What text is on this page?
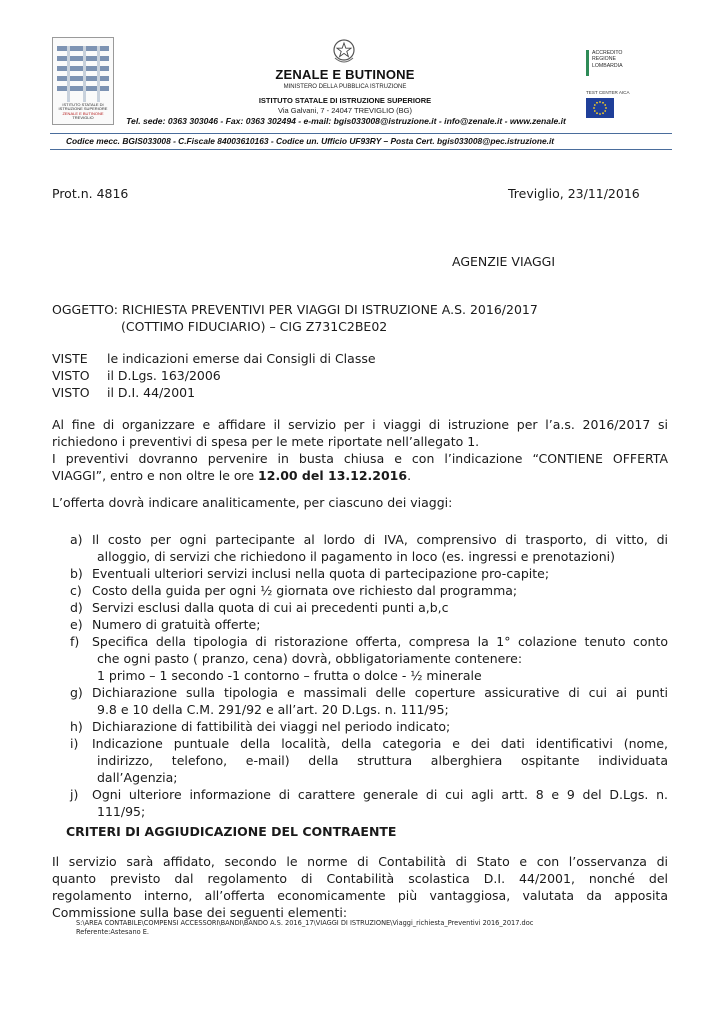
ISTITUTO STATALE DI
ISTRUZIONE SUPERIORE
ZENALE E BUTINONE
TREVIGLIO
ZENALE E BUTINONE
MINISTERO DELLA PUBBLICA ISTRUZIONE
ISTITUTO STATALE DI ISTRUZIONE SUPERIORE
Via Galvani, 7 - 24047 TREVIGLIO (BG)
Tel. sede: 0363 303046 - Fax: 0363 302494 - e-mail: bgis033008@istruzione.it - info@zenale.it - www.zenale.it
ACCREDITO
REGIONE
LOMBARDIA
TEST CENTER AICA
Codice mecc. BGIS033008 - C.Fiscale 84003610163 - Codice un. Ufficio UF93RY – Posta Cert. bgis033008@pec.istruzione.it
Prot.n. 4816	Treviglio, 23/11/2016
AGENZIE VIAGGI
OGGETTO: RICHIESTA PREVENTIVI PER VIAGGI DI ISTRUZIONE A.S. 2016/2017
(COTTIMO FIDUCIARIO) – CIG Z731C2BE02
VISTE le indicazioni emerse dai Consigli di Classe
VISTO il D.Lgs. 163/2006
VISTO il D.I. 44/2001
Al fine di organizzare e affidare il servizio per i viaggi di istruzione per l’a.s. 2016/2017 si
richiedono i preventivi di spesa per le mete riportate nell’allegato 1.
I preventivi dovranno pervenire in busta chiusa e con l’indicazione “CONTIENE OFFERTA
VIAGGI”, entro e non oltre le ore 12.00 del 13.12.2016.
L’offerta dovrà indicare analiticamente, per ciascuno dei viaggi:
a) Il costo per ogni partecipante al lordo di IVA, comprensivo di trasporto, di vitto, di
alloggio, di servizi che richiedono il pagamento in loco (es. ingressi e prenotazioni)
b) Eventuali ulteriori servizi inclusi nella quota di partecipazione pro-capite;
c) Costo della guida per ogni ½ giornata ove richiesto dal programma;
d) Servizi esclusi dalla quota di cui ai precedenti punti a,b,c
e) Numero di gratuità offerte;
f)	Specifica della tipologia di ristorazione offerta, compresa la 1° colazione tenuto conto
che ogni pasto ( pranzo, cena) dovrà, obbligatoriamente contenere:
1 primo – 1 secondo -1 contorno – frutta o dolce - ½ minerale
g) Dichiarazione sulla tipologia e massimali delle coperture assicurative di cui ai punti
9.8 e 10 della C.M. 291/92 e all’art. 20 D.Lgs. n. 111/95;
h) Dichiarazione di fattibilità dei viaggi nel periodo indicato;
i)	Indicazione puntuale della località, della categoria e dei dati identificativi (nome,
indirizzo, telefono, e-mail) della struttura alberghiera ospitante individuata
dall’Agenzia;
j)	Ogni ulteriore informazione di carattere generale di cui agli artt. 8 e 9 del D.Lgs. n.
111/95;
CRITERI DI AGGIUDICAZIONE DEL CONTRAENTE
Il servizio sarà affidato, secondo le norme di Contabilità di Stato e con l’osservanza di
quanto previsto dal regolamento di Contabilità scolastica D.I. 44/2001, nonché del
regolamento interno, all’offerta economicamente più vantaggiosa, valutata da apposita
Commissione sulla base dei seguenti elementi:
S:\AREA CONTABILE\COMPENSI ACCESSORI\BANDI\BANDO A.S. 2016_17\VIAGGI DI ISTRUZIONE\Viaggi_richiesta_Preventivi 2016_2017.doc
Referente:Astesano E.
